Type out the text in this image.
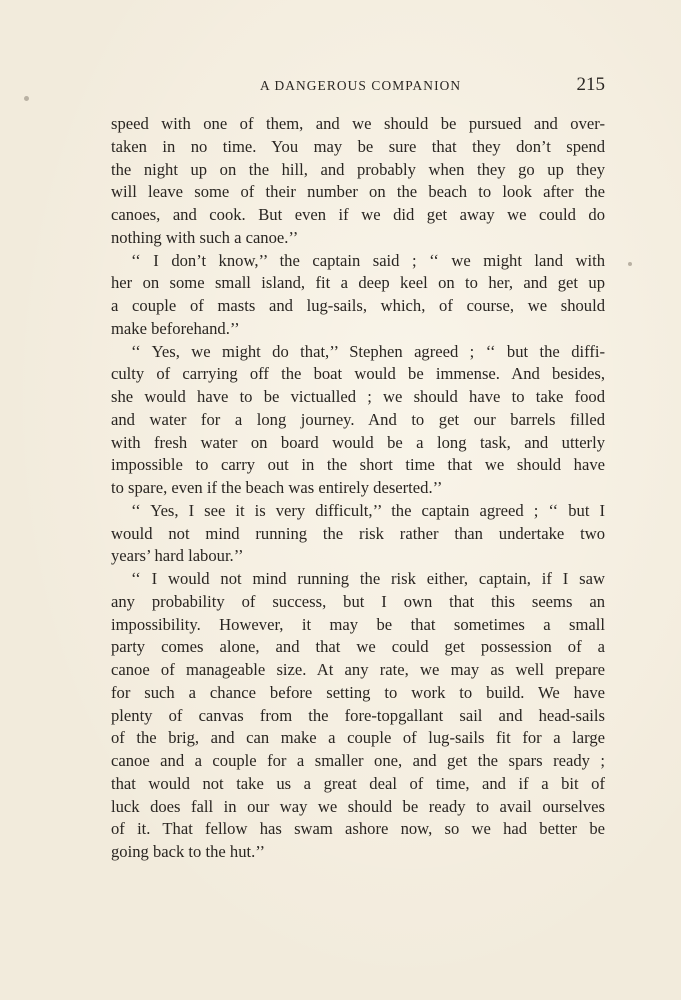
A DANGEROUS COMPANION	215
speed with one of them, and we should be pursued and over-
taken in no time. You may be sure that they don’t spend
the night up on the hill, and probably when they go up they
will leave some of their number on the beach to look after the
canoes, and cook. But even if we did get away we could do
nothing with such a canoe.’’
‘‘ I don’t know,’’ the captain said ; ‘‘ we might land with
her on some small island, fit a deep keel on to her, and get up
a couple of masts and lug-sails, which, of course, we should
make beforehand.’’
‘‘ Yes, we might do that,’’ Stephen agreed ; ‘‘ but the diffi-
culty of carrying off the boat would be immense. And besides,
she would have to be victualled ; we should have to take food
and water for a long journey. And to get our barrels filled
with fresh water on board would be a long task, and utterly
impossible to carry out in the short time that we should have
to spare, even if the beach was entirely deserted.’’
‘‘ Yes, I see it is very difficult,’’ the captain agreed ; ‘‘ but I
would not mind running the risk rather than undertake two
years’ hard labour.’’
‘‘ I would not mind running the risk either, captain, if I saw
any probability of success, but I own that this seems an
impossibility. However, it may be that sometimes a small
party comes alone, and that we could get possession of a
canoe of manageable size. At any rate, we may as well prepare
for such a chance before setting to work to build. We have
plenty of canvas from the fore-topgallant sail and head-sails
of the brig, and can make a couple of lug-sails fit for a large
canoe and a couple for a smaller one, and get the spars ready ;
that would not take us a great deal of time, and if a bit of
luck does fall in our way we should be ready to avail ourselves
of it. That fellow has swam ashore now, so we had better be
going back to the hut.’’
